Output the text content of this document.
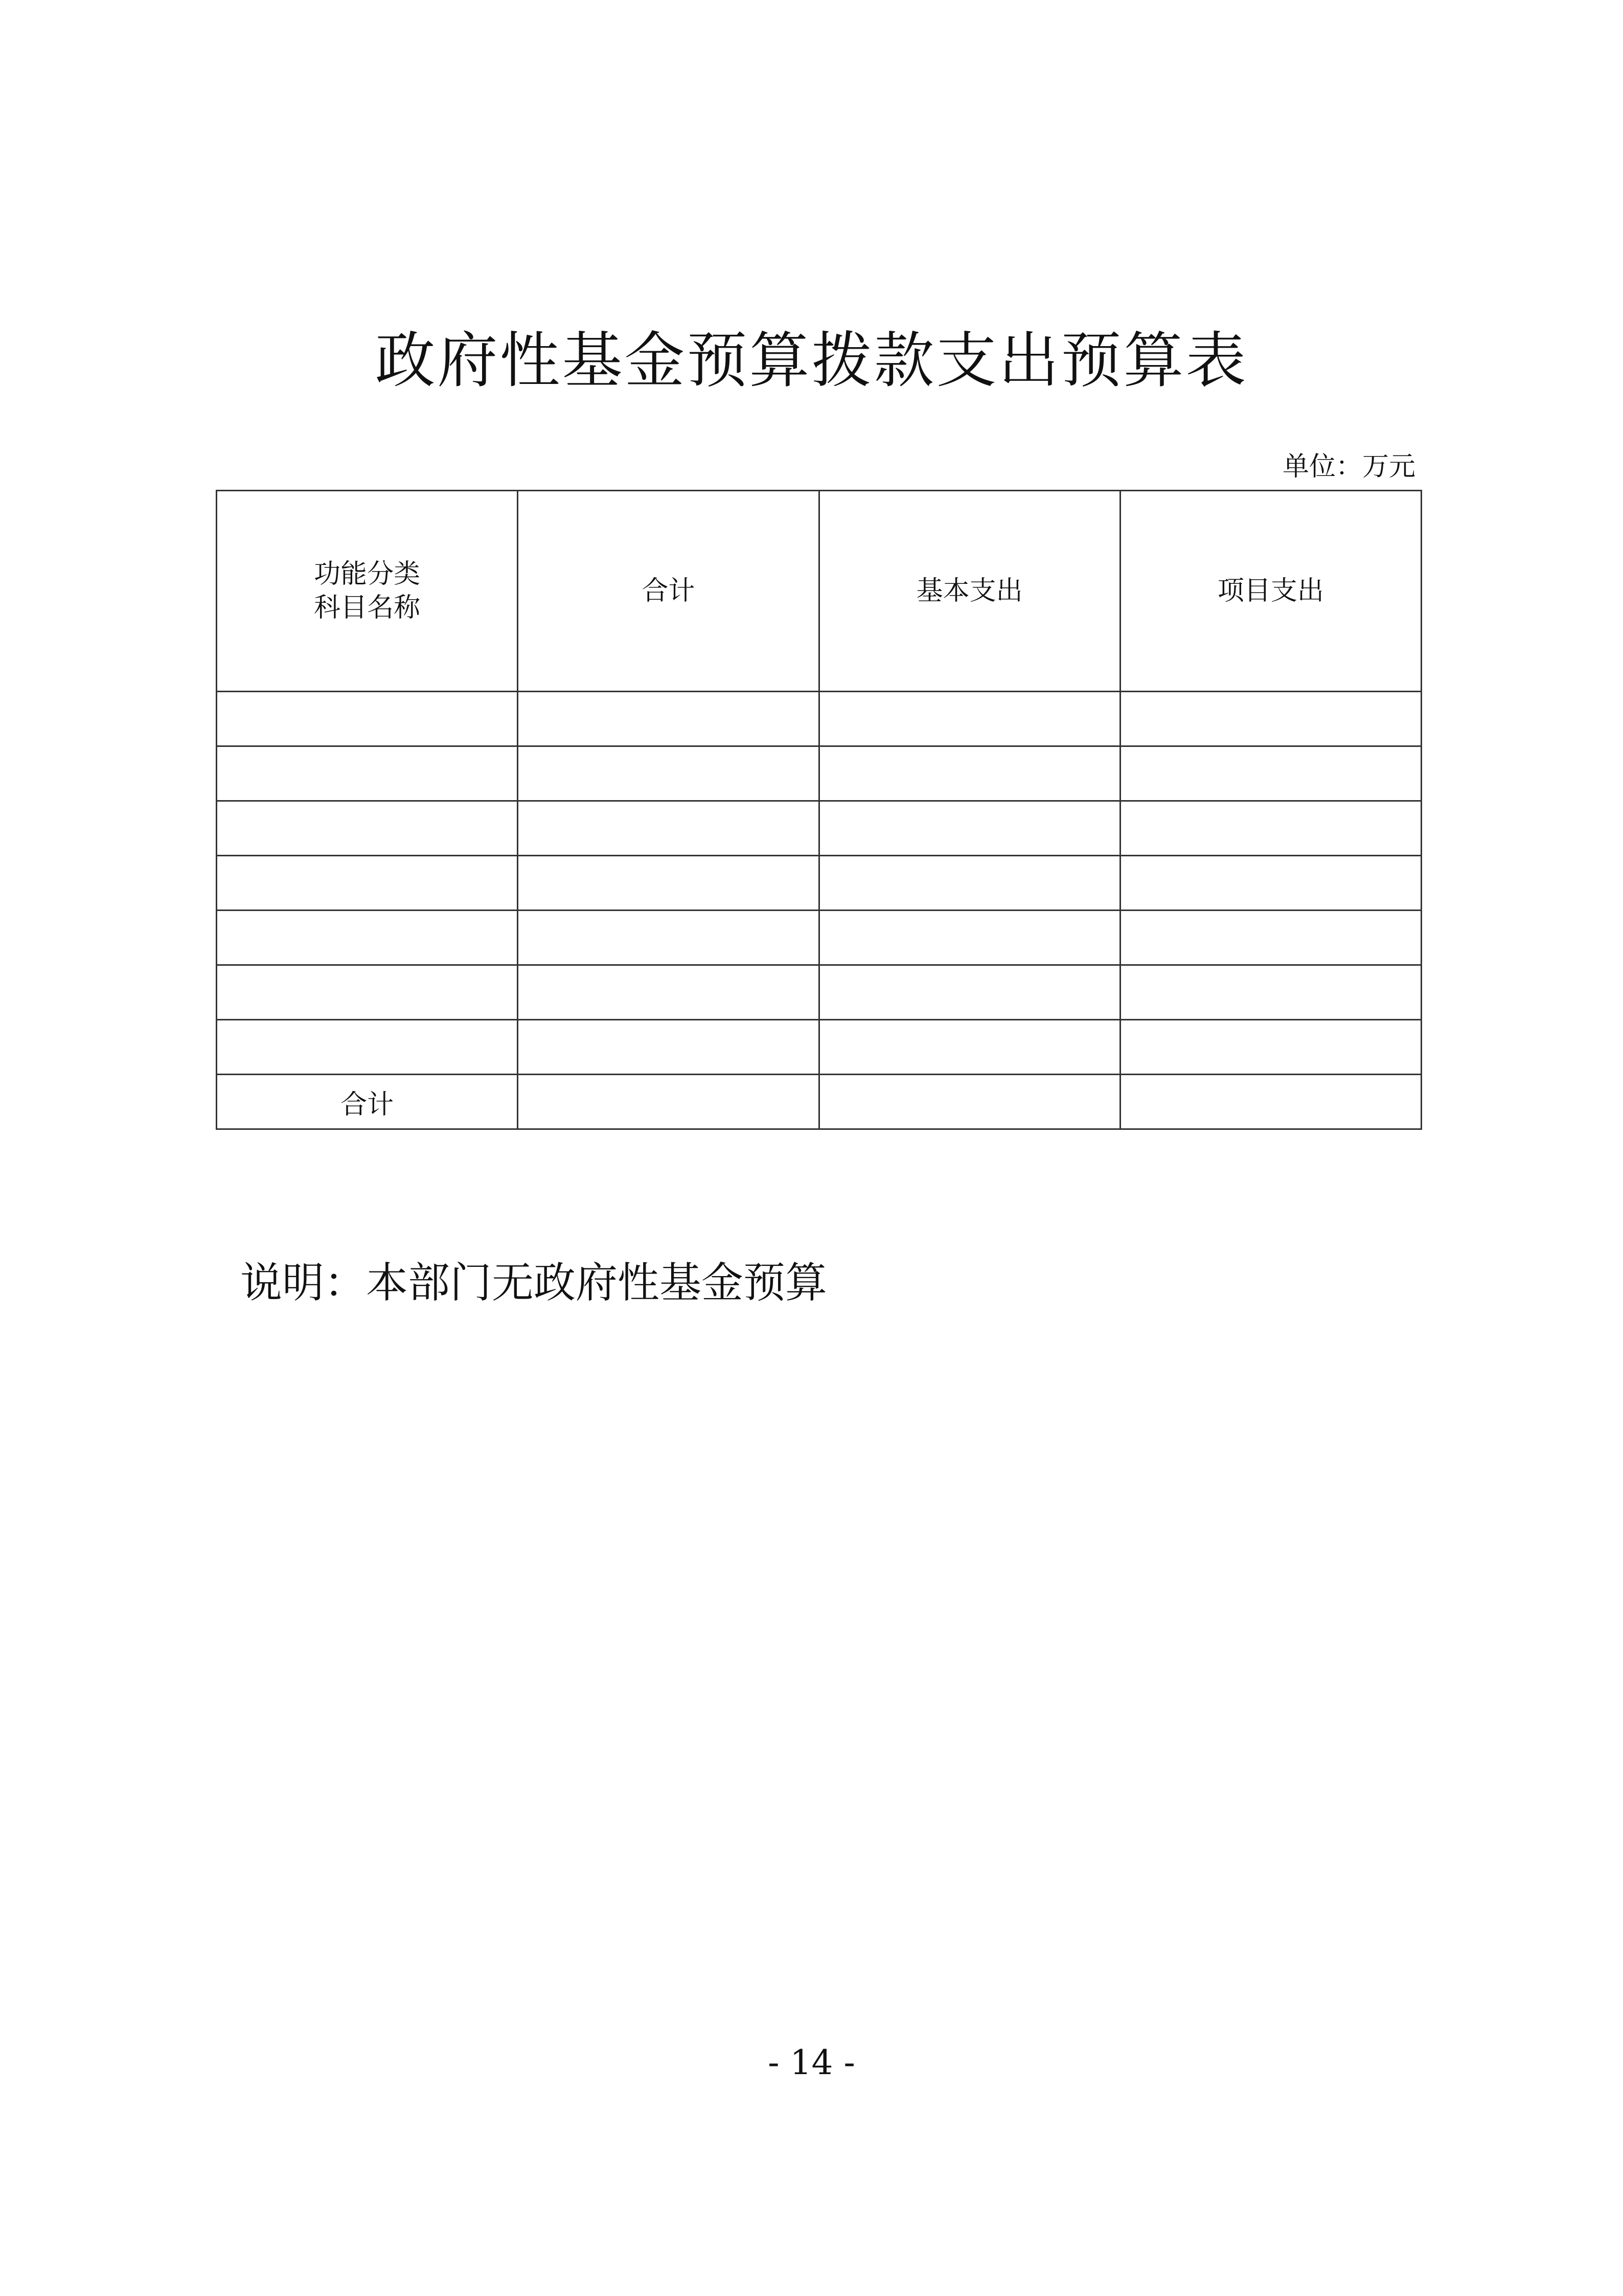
政府性基金预算拨款支出预算表
单位：万元
功能分类
科目名称	合计	基本支出	项目支出

合计			
说明：本部门无政府性基金预算
- 14 -
